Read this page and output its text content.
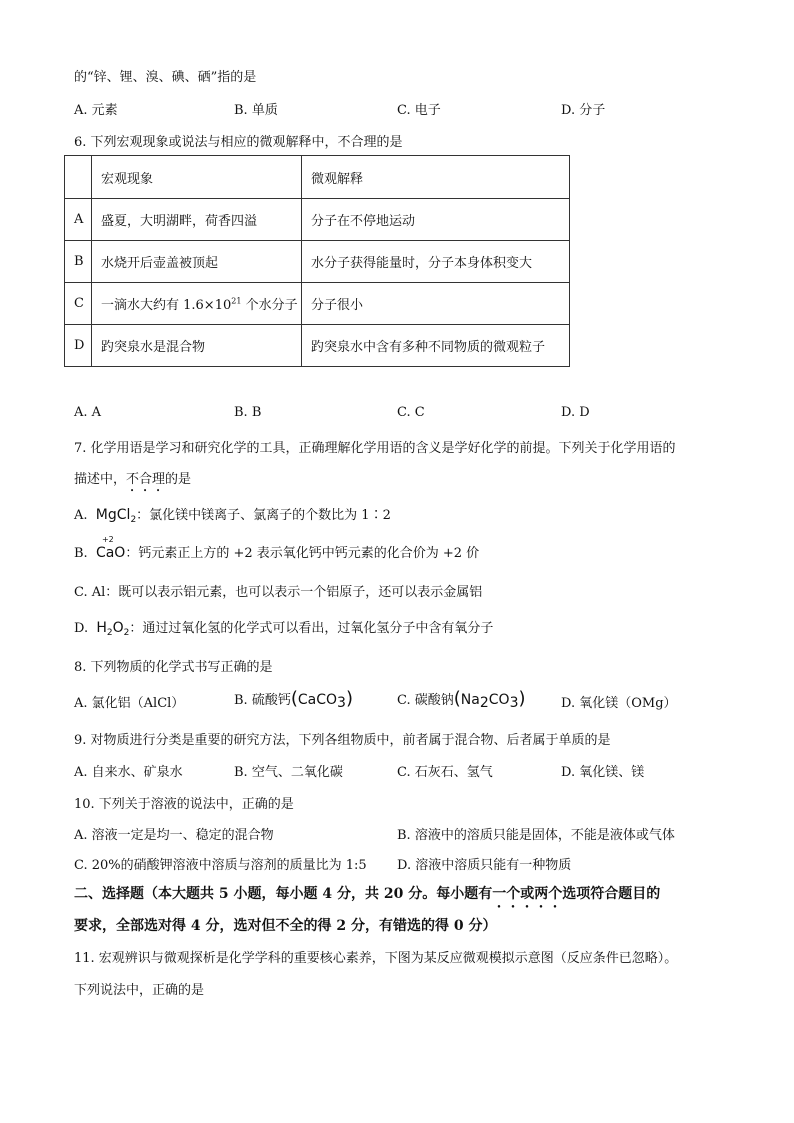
的“锌、锂、溴、碘、硒”指的是
A. 元素	B. 单质	C. 电子	D. 分子
6. 下列宏观现象或说法与相应的微观解释中，不合理的是
	宏观现象	微观解释
A	盛夏，大明湖畔，荷香四溢	分子在不停地运动
B	水烧开后壶盖被顶起	水分子获得能量时，分子本身体积变大
C	一滴水大约有 $1.6\times 10^{21}$ 个水分子	分子很小
D	趵突泉水是混合物	趵突泉水中含有多种不同物质的微观粒子
A. A	B. B	C. C	D. D
7. 化学用语是学习和研究化学的工具，正确理解化学用语的含义是学好化学的前提。下列关于化学用语的
描述中，不合理的是
A. MgCl$_2$：氯化镁中镁离子、氯离子的个数比为 1∶2
B.
+2
CaO：钙元素正上方的 +2 表示氧化钙中钙元素的化合价为 +2 价
C. Al：既可以表示铝元素，也可以表示一个铝原子，还可以表示金属铝
D. $H_2O_2$：通过过氧化氢的化学式可以看出，过氧化氢分子中含有氧分子
8. 下列物质的化学式书写正确的是
A. 氯化铝（AlCl）	B. 硫酸钙(CaCO$_3$)	C. 碳酸钠$(Na_2CO_3)$	D. 氧化镁（OMg）
9. 对物质进行分类是重要的研究方法，下列各组物质中，前者属于混合物、后者属于单质的是
A. 自来水、矿泉水	B. 空气、二氧化碳	C. 石灰石、氢气	D. 氧化镁、镁
10. 下列关于溶液的说法中，正确的是
A. 溶液一定是均一、稳定的混合物	B. 溶液中的溶质只能是固体，不能是液体或气体
C. 20%的硝酸钾溶液中溶质与溶剂的质量比为 1:5 D. 溶液中溶质只能有一种物质
二、选择题（本大题共 5 小题，每小题 4 分，共 20 分。每小题有一个或两个选项符合题目的
要求，全部选对得 4 分，选对但不全的得 2 分，有错选的得 0 分）
11. 宏观辨识与微观探析是化学学科的重要核心素养，下图为某反应微观模拟示意图（反应条件已忽略）。
下列说法中，正确的是
